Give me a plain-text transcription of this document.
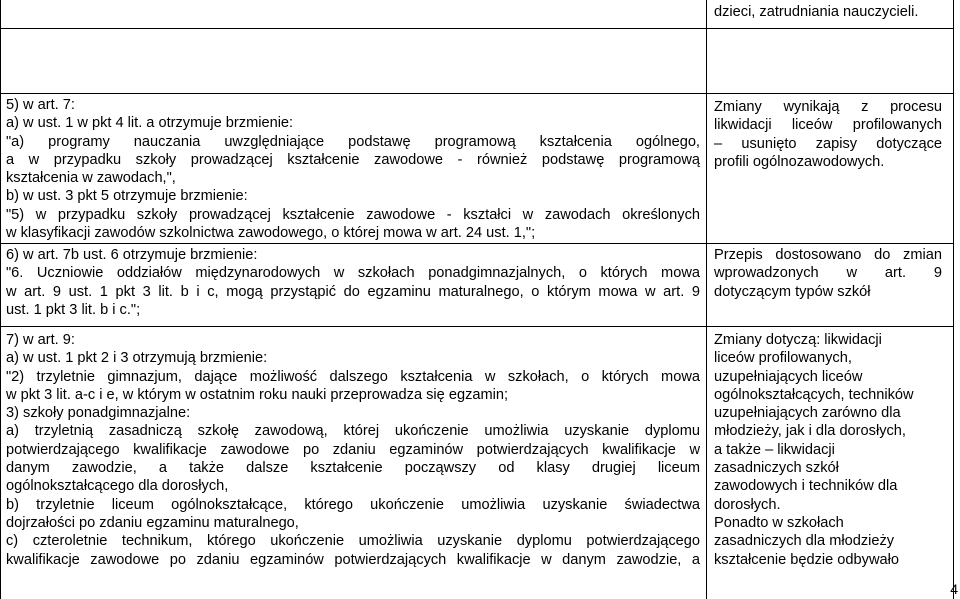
dzieci, zatrudniania nauczycieli.

5) w art. 7:

a) w ust. 1 w pkt 4 lit. a otrzymuje brzmienie:

"a) programy nauczania uwzględniające podstawę programową kształcenia ogólnego,

a w przypadku szkoły prowadzącej kształcenie zawodowe - również podstawę programową

kształcenia w zawodach,",

b) w ust. 3 pkt 5 otrzymuje brzmienie:

"5) w przypadku szkoły prowadzącej kształcenie zawodowe - kształci w zawodach określonych

w klasyfikacji zawodów szkolnictwa zawodowego, o której mowa w art. 24 ust. 1,";

Zmiany wynikają z procesu

likwidacji liceów profilowanych

– usunięto zapisy dotyczące

profili ogólnozawodowych.

6) w art. 7b ust. 6 otrzymuje brzmienie:

"6. Uczniowie oddziałów międzynarodowych w szkołach ponadgimnazjalnych, o których mowa

w art. 9 ust. 1 pkt 3 lit. b i c, mogą przystąpić do egzaminu maturalnego, o którym mowa w art. 9

ust. 1 pkt 3 lit. b i c.";

Przepis dostosowano do zmian

wprowadzonych w art. 9

dotyczącym typów szkół

7) w art. 9:

a) w ust. 1 pkt 2 i 3 otrzymują brzmienie:

"2) trzyletnie gimnazjum, dające możliwość dalszego kształcenia w szkołach, o których mowa

w pkt 3 lit. a-c i e, w którym w ostatnim roku nauki przeprowadza się egzamin;

3) szkoły ponadgimnazjalne:

a) trzyletnią zasadniczą szkołę zawodową, której ukończenie umożliwia uzyskanie dyplomu

potwierdzającego kwalifikacje zawodowe po zdaniu egzaminów potwierdzających kwalifikacje w

danym zawodzie, a także dalsze kształcenie począwszy od klasy drugiej liceum

ogólnokształcącego dla dorosłych,

b) trzyletnie liceum ogólnokształcące, którego ukończenie umożliwia uzyskanie świadectwa

dojrzałości po zdaniu egzaminu maturalnego,

c) czteroletnie technikum, którego ukończenie umożliwia uzyskanie dyplomu potwierdzającego

kwalifikacje zawodowe po zdaniu egzaminów potwierdzających kwalifikacje w danym zawodzie, a

Zmiany dotyczą: likwidacji

liceów profilowanych,

uzupełniających liceów

ogólnokształcących, techników

uzupełniających zarówno dla

młodzieży, jak i dla dorosłych,

a także – likwidacji

zasadniczych szkół

zawodowych i techników dla

dorosłych.

Ponadto w szkołach

zasadniczych dla młodzieży

kształcenie będzie odbywało

4
